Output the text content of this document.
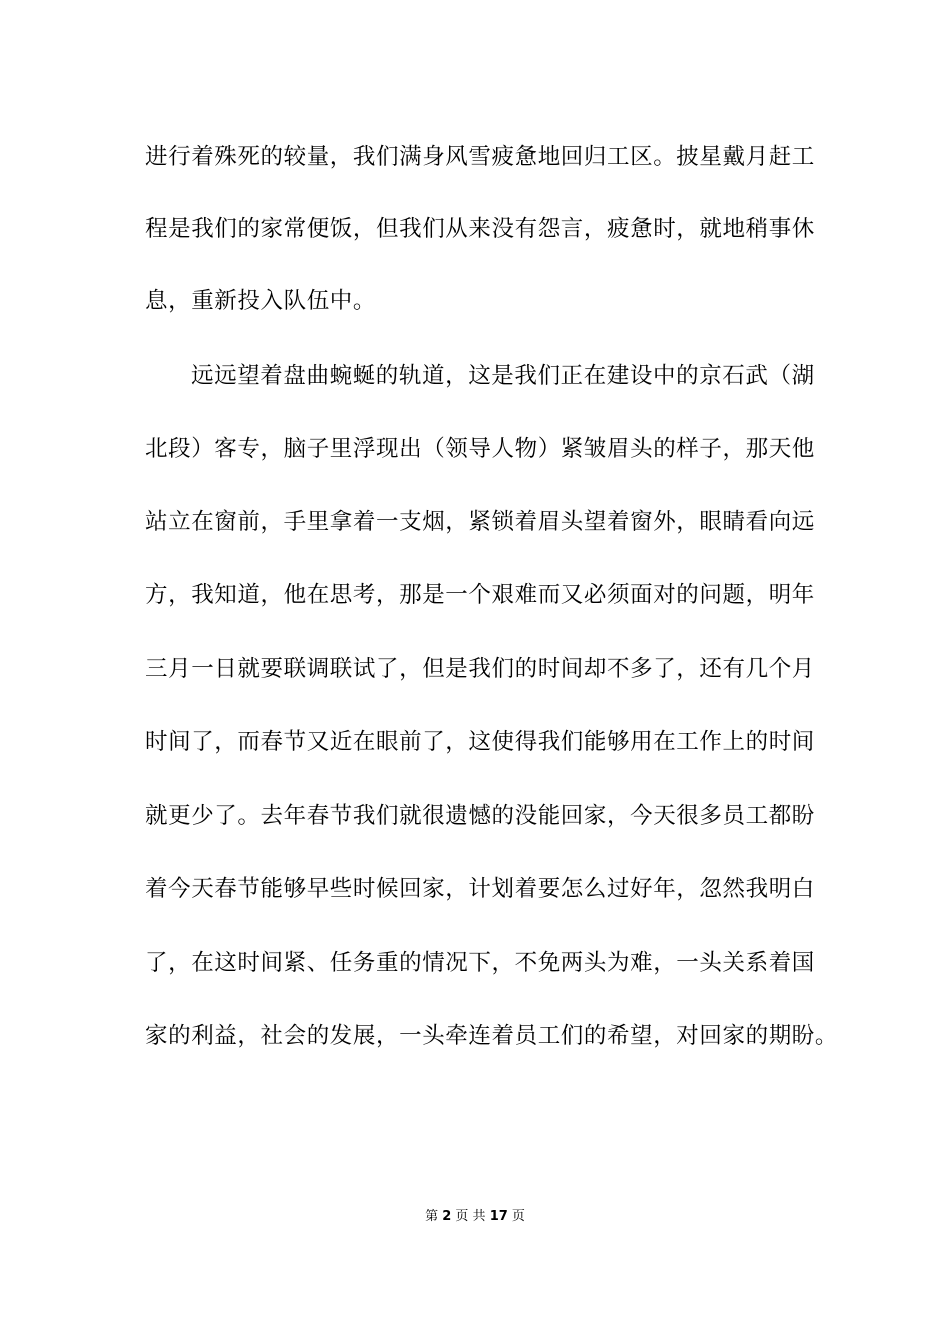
进行着殊死的较量，我们满身风雪疲惫地回归工区。披星戴月赶工
程是我们的家常便饭，但我们从来没有怨言，疲惫时，就地稍事休
息，重新投入队伍中。
远远望着盘曲蜿蜒的轨道，这是我们正在建设中的京石武（湖
北段）客专，脑子里浮现出（领导人物）紧皱眉头的样子，那天他
站立在窗前，手里拿着一支烟，紧锁着眉头望着窗外，眼睛看向远
方，我知道，他在思考，那是一个艰难而又必须面对的问题，明年
三月一日就要联调联试了，但是我们的时间却不多了，还有几个月
时间了，而春节又近在眼前了，这使得我们能够用在工作上的时间
就更少了。去年春节我们就很遗憾的没能回家，今天很多员工都盼
着今天春节能够早些时候回家，计划着要怎么过好年，忽然我明白
了，在这时间紧、任务重的情况下，不免两头为难，一头关系着国
家的利益，社会的发展，一头牵连着员工们的希望，对回家的期盼。
第 2 页 共 17 页
